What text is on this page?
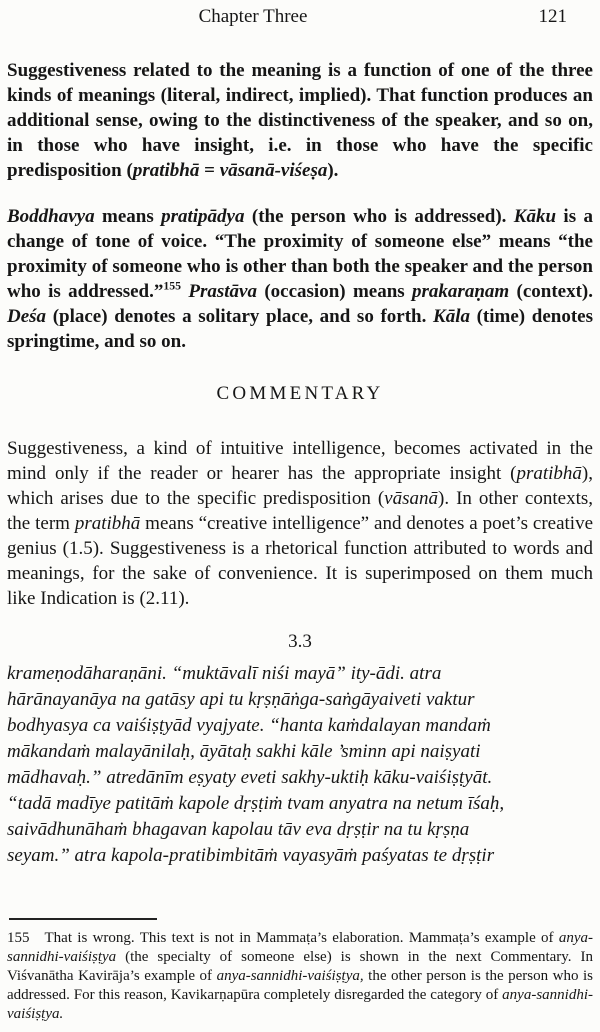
Chapter Three	121

Suggestiveness related to the meaning is a function of one of the three kinds of meanings (literal, indirect, implied). That function produces an additional sense, owing to the distinctiveness of the speaker, and so on, in those who have insight, i.e. in those who have the specific predisposition (pratibhā = vāsanā-viśeṣa).

Boddhavya means pratipādya (the person who is addressed). Kāku is a change of tone of voice. “The proximity of someone else” means “the proximity of someone who is other than both the speaker and the person who is addressed.”$^{155}$ Prastāva (occasion) means prakaraṇam (context). Deśa (place) denotes a solitary place, and so forth. Kāla (time) denotes springtime, and so on.

COMMENTARY

Suggestiveness, a kind of intuitive intelligence, becomes activated in the mind only if the reader or hearer has the appropriate insight (pratibhā), which arises due to the specific predisposition (vāsanā). In other contexts, the term pratibhā means “creative intelligence” and denotes a poet’s creative genius (1.5). Suggestiveness is a rhetorical function attributed to words and meanings, for the sake of convenience. It is superimposed on them much like Indication is (2.11).

3.3
krameṇodāharaṇāni. “muktāvalī niśi mayā” ity-ādi. atra
hārānayanāya na gatāsy api tu kṛṣṇāṅga-saṅgāyaiveti vaktur
bodhyasya ca vaiśiṣṭyād vyajyate. “hanta kaṁdalayan mandaṁ
mākandaṁ malayānilaḥ, āyātaḥ sakhi kāle ’sminn api naiṣyati
mādhavaḥ.” atredānīm eṣyaty eveti sakhy-uktiḥ kāku-vaiśiṣṭyāt.
“tadā madīye patitāṁ kapole dṛṣṭiṁ tvam anyatra na netum īśaḥ,
saivādhunāhaṁ bhagavan kapolau tāv eva dṛṣṭir na tu kṛṣṇa
seyam.” atra kapola-pratibimbitāṁ vayasyāṁ paśyatas te dṛṣṭir

155  That is wrong. This text is not in Mammaṭa’s elaboration. Mammaṭa’s example of anya-sannidhi-vaiśiṣṭya (the specialty of someone else) is shown in the next Commentary. In Viśvanātha Kavirāja’s example of anya-sannidhi-vaiśiṣṭya, the other person is the person who is addressed. For this reason, Kavikarṇapūra completely disregarded the category of anya-sannidhi-vaiśiṣṭya.
